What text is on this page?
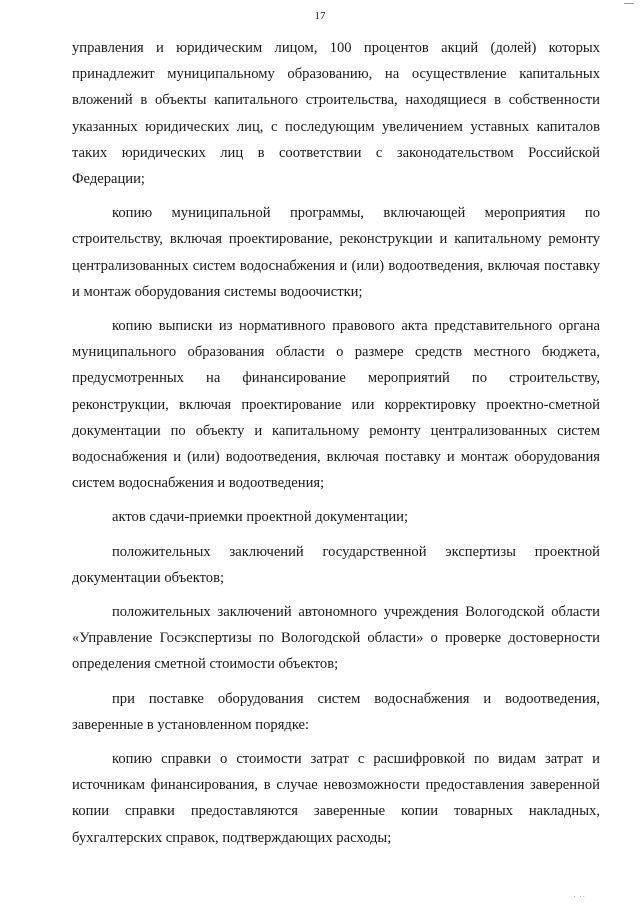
17

управления и юридическим лицом, 100 процентов акций (долей) которых принадлежит муниципальному образованию, на осуществление капитальных вложений в объекты капитального строительства, находящиеся в собственности указанных юридических лиц, с последующим увеличением уставных капиталов таких юридических лиц в соответствии с законодательством Российской Федерации;

копию муниципальной программы, включающей мероприятия по строительству, включая проектирование, реконструкции и капитальному ремонту централизованных систем водоснабжения и (или) водоотведения, включая поставку и монтаж оборудования системы водоочистки;

копию выписки из нормативного правового акта представительного органа муниципального образования области о размере средств местного бюджета, предусмотренных на финансирование мероприятий по строительству, реконструкции, включая проектирование или корректировку проектно-сметной документации по объекту и капитальному ремонту централизованных систем водоснабжения и (или) водоотведения, включая поставку и монтаж оборудования систем водоснабжения и водоотведения;

актов сдачи-приемки проектной документации;

положительных заключений государственной экспертизы проектной документации объектов;

положительных заключений автономного учреждения Вологодской области «Управление Госэкспертизы по Вологодской области» о проверке достоверности определения сметной стоимости объектов;

при поставке оборудования систем водоснабжения и водоотведения, заверенные в установленном порядке:

копию справки о стоимости затрат с расшифровкой по видам затрат и источникам финансирования, в случае невозможности предоставления заверенной копии справки предоставляются заверенные копии товарных накладных, бухгалтерских справок, подтверждающих расходы;

· ··
